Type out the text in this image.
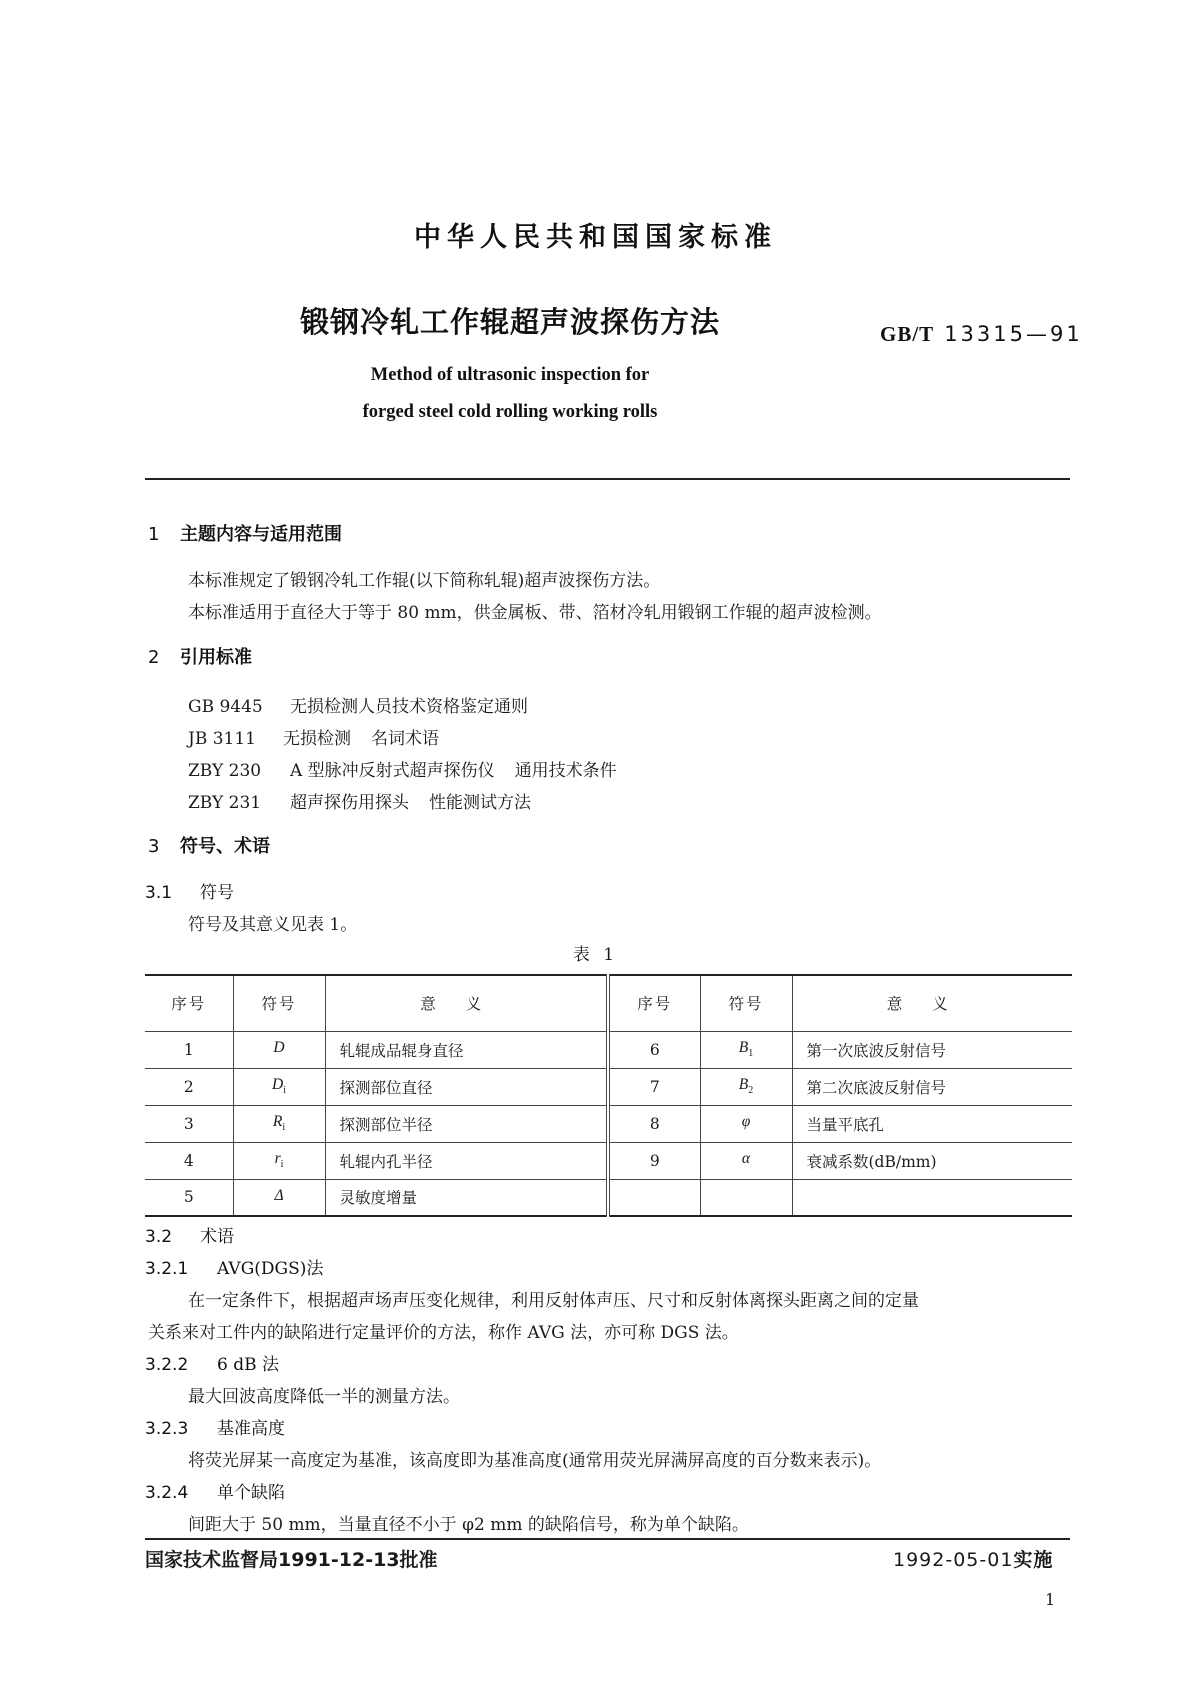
中华人民共和国国家标准
锻钢冷轧工作辊超声波探伤方法	GB/T 13315—91
Method of ultrasonic inspection for
forged steel cold rolling working rolls
1 主题内容与适用范围
本标准规定了锻钢冷轧工作辊(以下简称轧辊)超声波探伤方法。
本标准适用于直径大于等于 80 mm，供金属板、带、箔材冷轧用锻钢工作辊的超声波检测。
2 引用标准
GB 9445 无损检测人员技术资格鉴定通则
JB 3111 无损检测 名词术语
ZBY 230 A 型脉冲反射式超声探伤仪 通用技术条件
ZBY 231 超声探伤用探头 性能测试方法
3 符号、术语
3.1 符号
符号及其意义见表 1。
表 1
序号	符号	意义	序号	符号	意义
1	D	轧辊成品辊身直径	6	$B_1$	第一次底波反射信号
2	$D_i$	探测部位直径	7	$B_2$	第二次底波反射信号
3	$R_i$	探测部位半径	8	φ	当量平底孔
4	$r_i$	轧辊内孔半径	9	α	衰减系数(dB/mm)
5	Δ	灵敏度增量			
3.2 术语
3.2.1 AVG(DGS)法
在一定条件下，根据超声场声压变化规律，利用反射体声压、尺寸和反射体离探头距离之间的定量
关系来对工件内的缺陷进行定量评价的方法，称作 AVG 法，亦可称 DGS 法。
3.2.2 6 dB 法
最大回波高度降低一半的测量方法。
3.2.3 基准高度
将荧光屏某一高度定为基准，该高度即为基准高度(通常用荧光屏满屏高度的百分数来表示)。
3.2.4 单个缺陷
间距大于 50 mm，当量直径不小于 φ2 mm 的缺陷信号，称为单个缺陷。
国家技术监督局1991-12-13批准	1992-05-01实施
1
